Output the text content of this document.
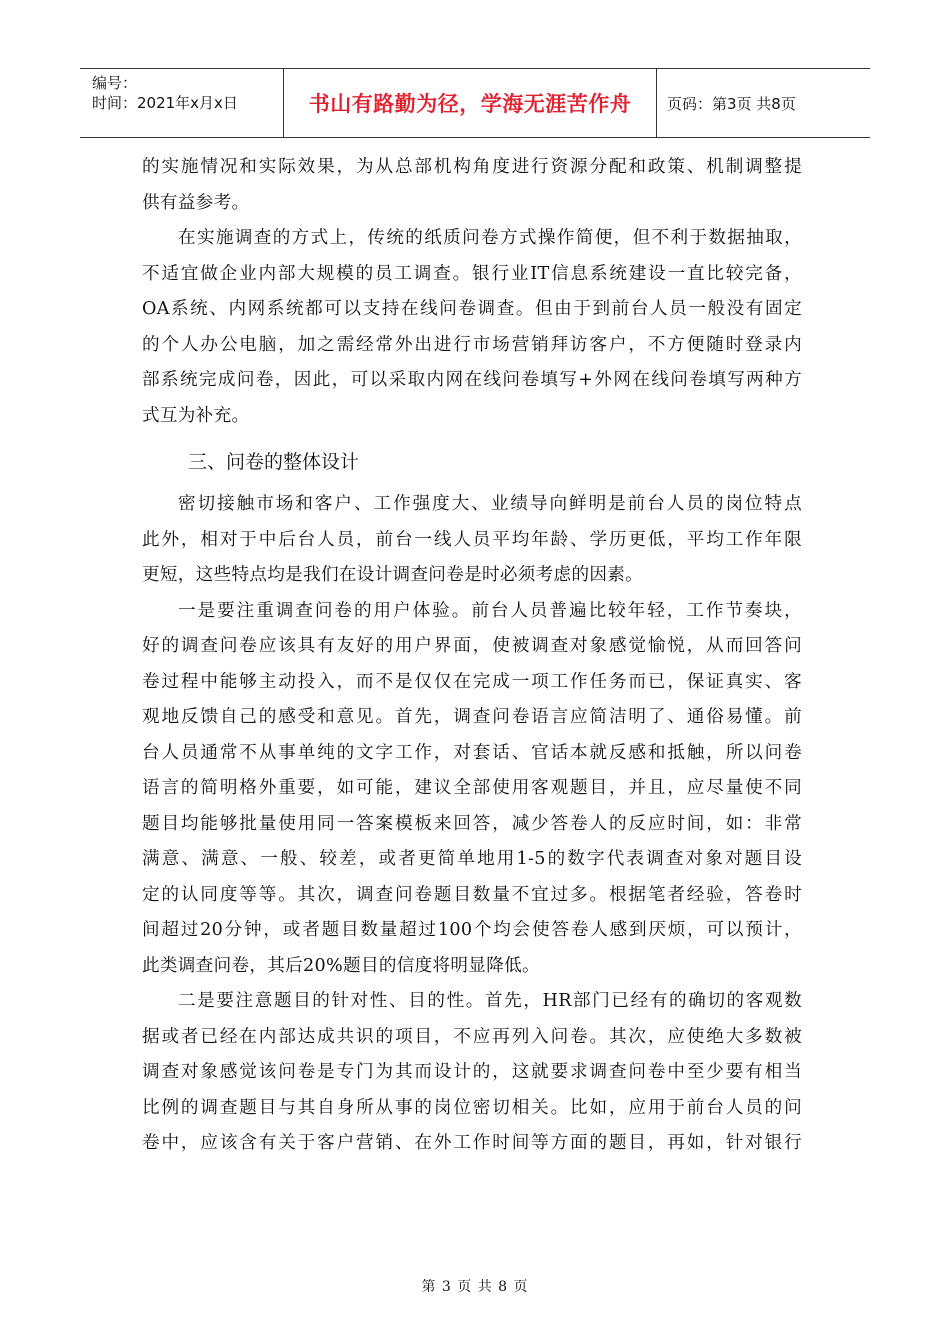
编号：
时间：2021年x月x日	书山有路勤为径，学海无涯苦作舟	页码：第3页 共8页
的实施情况和实际效果，为从总部机构角度进行资源分配和政策、机制调整提
供有益参考。
在实施调查的方式上，传统的纸质问卷方式操作简便，但不利于数据抽取，
不适宜做企业内部大规模的员工调查。银行业IT信息系统建设一直比较完备，
OA系统、内网系统都可以支持在线问卷调查。但由于到前台人员一般没有固定
的个人办公电脑，加之需经常外出进行市场营销拜访客户，不方便随时登录内
部系统完成问卷，因此，可以采取内网在线问卷填写+外网在线问卷填写两种方
式互为补充。
三、问卷的整体设计
密切接触市场和客户、工作强度大、业绩导向鲜明是前台人员的岗位特点
此外，相对于中后台人员，前台一线人员平均年龄、学历更低，平均工作年限
更短，这些特点均是我们在设计调查问卷是时必须考虑的因素。
一是要注重调查问卷的用户体验。前台人员普遍比较年轻，工作节奏块，
好的调查问卷应该具有友好的用户界面，使被调查对象感觉愉悦，从而回答问
卷过程中能够主动投入，而不是仅仅在完成一项工作任务而已，保证真实、客
观地反馈自己的感受和意见。首先，调查问卷语言应简洁明了、通俗易懂。前
台人员通常不从事单纯的文字工作，对套话、官话本就反感和抵触，所以问卷
语言的简明格外重要，如可能，建议全部使用客观题目，并且，应尽量使不同
题目均能够批量使用同一答案模板来回答，减少答卷人的反应时间，如：非常
满意、满意、一般、较差，或者更简单地用1-5的数字代表调查对象对题目设
定的认同度等等。其次，调查问卷题目数量不宜过多。根据笔者经验，答卷时
间超过20分钟，或者题目数量超过100个均会使答卷人感到厌烦，可以预计，
此类调查问卷，其后20%题目的信度将明显降低。
二是要注意题目的针对性、目的性。首先，HR部门已经有的确切的客观数
据或者已经在内部达成共识的项目，不应再列入问卷。其次，应使绝大多数被
调查对象感觉该问卷是专门为其而设计的，这就要求调查问卷中至少要有相当
比例的调查题目与其自身所从事的岗位密切相关。比如，应用于前台人员的问
卷中，应该含有关于客户营销、在外工作时间等方面的题目，再如，针对银行
第 3 页 共 8 页
